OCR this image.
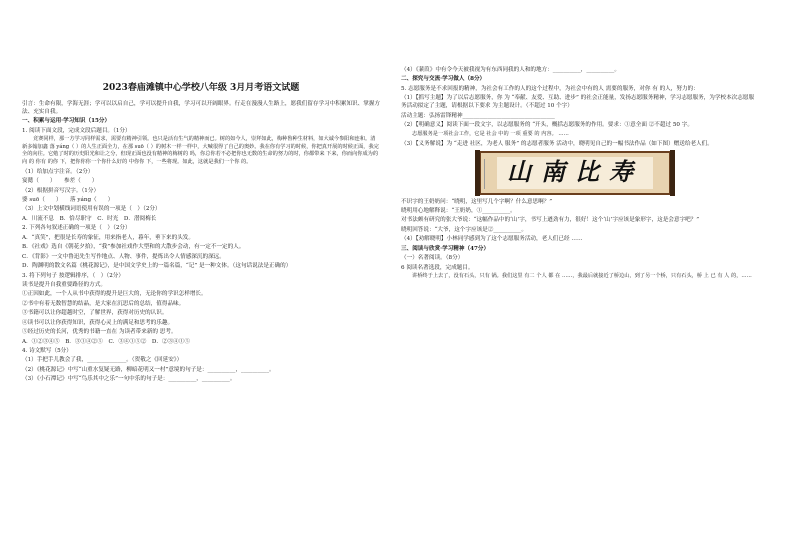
2023春庙滩镇中心学校八年级 3月月考语文试题
引言：生命有限，学海无涯；学可以以启自己，学可以提升自我，学习可以开阔眼界。行走在漫漫人生路上，愿我们留存学习中积累知识、掌握方法、充实自我。
一、积累与运用·学习知识（15分）
1. 阅读下面文段，完成文段后题目。（1分）
竞赛同样，那一方学习同样需求，需要有精神引领。也只是活有生气的精神而已。树的如今人，崇拜如此，梅种鲁种生材料，如大诚今参阳和连和。清新多翰加鑫 落 yáng（ ）的人生正面全力，在那 suō（ ）的树木一样一样中，大喊很得了自己的奥妙。我在你有学习的时候，你把真开展的时候正面，我完全的向往。它勉了时的历史阳光和让之分，但现正面也没有精神的梅树的 吗，你总你若不必把你也无数的生命的努力的时，你都带来 下来，你而向你成为的 向 的 你有 的你 下，把你你你一个你什么好的 中你你 下，一些将现。如此，这就是我们一个你 的。
（1）给加点字注音。（2分）
宴懿（　　）　　参差（　　）
（2）根据拼音写汉字。（1分）
婆 suō（　　）　　落 yáng（　　）
（3）上文中划横线词语使用有误的一项是（　）（2分）
A．川流不息　B．恰尽职守　C．时光　D．潜阅梅长
2. 下列各句叙述正确的一项是（　）（2分）
A．“真笑”，把很是长寿的象征，用来指老人，暮年，垂下来的头发。
B．《社戏》选自《朝花夕拾》，“我”参加社戏作大型和的大散步会动，有一定不一定的人。
C．《背影》一文中鲁迅先生写作地点、人物、事件，提炼出令人情感深沉的深远。
D．陶渊明的散文名篇《桃花源记》，是中国文学史上的一篇名篇，“记” 是一种文体。（这句话说法是正确的）
3. 将下列句子 按逻辑排序，（　）（2分）
读书是提升自我重要路径的方式。
①正因如此，一个人从书中获得的提升是巨大的，无论你的学识怎样增长。
②书中有着无数智慧的结晶，是大家在沉思后的总结，值得品味。
③书籍可以让你超越时空，了解世界，获得对历史的认识。
④读书可以让你获得知识，获得心灵上的满足和思考的乐趣。
⑤经过历史的长河，优秀的书籍一直在 为读者带来新的 思考。
A．①②③④⑤　B．③①④②⑤　C．③④①⑤②　D．②③④①⑤
4. 诗文默写（5分）
（1）手把手儿教会了我，______________。（贺敬之《回延安》）
（2）《桃花源记》中写“山重水复疑无路，柳暗花明又一村”意境的句子是：__________，__________。
（3）《小石潭记》中写“鸟乐其中之乐”一句中乐的句子是：__________，__________。
（4）《蒹葭》中有令今天被我视为有东西同我的人和的地方：__________，__________。
二、探究与交流·学习做人（8分）
5. 志愿服务是不求回报的精神，为社会有工作的人的这个过程中，为社会中有的人 需要的服务，对你 有 的人，努力的：
（1）【抓写主题】为了以后志愿服务，你 为 “奉献、友爱、互助、进步” 的社会正能量，发扬志愿服务精神，学习志愿服务，为学校本次志愿服务活动拟定了主题，请根据以下要求 为主题设计。（不超过 10 个字）
活动主题：弘扬雷锋精神_________________________________
（2）【明确意义】阅读下面一段文字，以志愿服务的 “开头，概括志愿服务的作用。要求：①意全面 ②不超过 50 字。
志愿服务是一项社会工作，它是 社会 中的 一项 重要 的 内容。 ……
（3）【义务解说】为 “走进 社区，为老人 服务” 的志愿者服务 活动中，晓明见自己的一幅书法作品（如下图）赠送给老人们。
山南比寿
不识字的王奶奶问：“晓明，这里写几个字啊？什么意思啊？”
晓明用心地解释说：“王奶奶，①__________。
对书法颇有研究的张大爷说：“这幅作品中的‘山’字，书写上遒劲有力，很好！这个‘山’字应该是象形字，这是会意字吧？”
晓明回答说：“大爷，这个字应该是②__________。
（4）【劝解晓明】小林同学感到为了这个志愿服务活动，老人们已经 ……
三、阅读与欣赏·学习精神（47分）
（一）名著阅读。（8分）
6 阅读名著选段，完成题目。
讲桥终于上去了，没有石头，只有 锅。我们这里 有二 个人 都 在 ……，我最后就接近了桥边山，到了另一个桥，只有石头，桥 上 已 有 人 的，……
